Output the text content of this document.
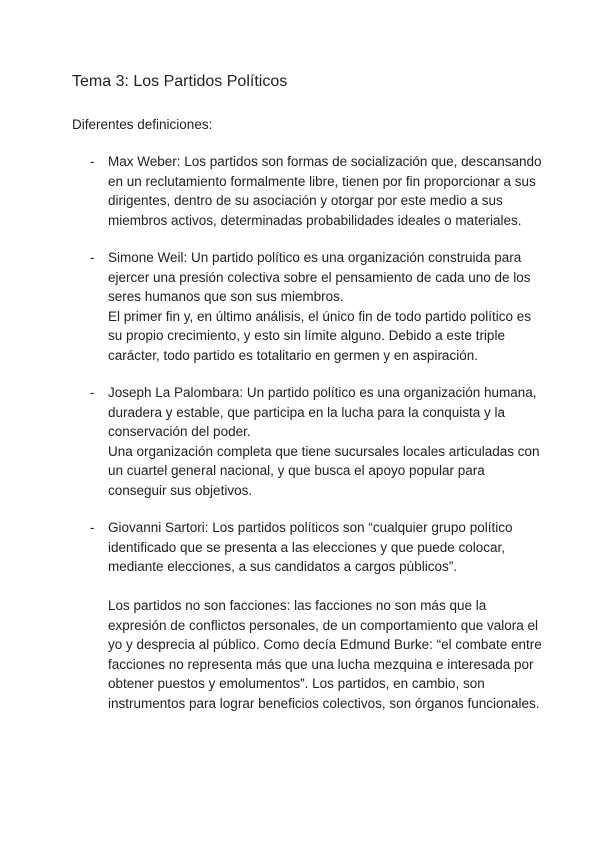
Tema 3: Los Partidos Políticos

Diferentes definiciones:

- Max Weber: Los partidos son formas de socialización que, descansando en un reclutamiento formalmente libre, tienen por fin proporcionar a sus dirigentes, dentro de su asociación y otorgar por este medio a sus miembros activos, determinadas probabilidades ideales o materiales.

- Simone Weil: Un partido político es una organización construida para ejercer una presión colectiva sobre el pensamiento de cada uno de los seres humanos que son sus miembros.

El primer fin y, en último análisis, el único fin de todo partido político es su propio crecimiento, y esto sin límite alguno. Debido a este triple carácter, todo partido es totalitario en germen y en aspiración.

- Joseph La Palombara: Un partido político es una organización humana, duradera y estable, que participa en la lucha para la conquista y la conservación del poder.

Una organización completa que tiene sucursales locales articuladas con un cuartel general nacional, y que busca el apoyo popular para conseguir sus objetivos.

- Giovanni Sartori: Los partidos políticos son “cualquier grupo político identificado que se presenta a las elecciones y que puede colocar, mediante elecciones, a sus candidatos a cargos públicos”.

Los partidos no son facciones: las facciones no son más que la expresión de conflictos personales, de un comportamiento que valora el yo y desprecia al público. Como decía Edmund Burke: “el combate entre facciones no representa más que una lucha mezquina e interesada por obtener puestos y emolumentos”. Los partidos, en cambio, son instrumentos para lograr beneficios colectivos, son órganos funcionales.
